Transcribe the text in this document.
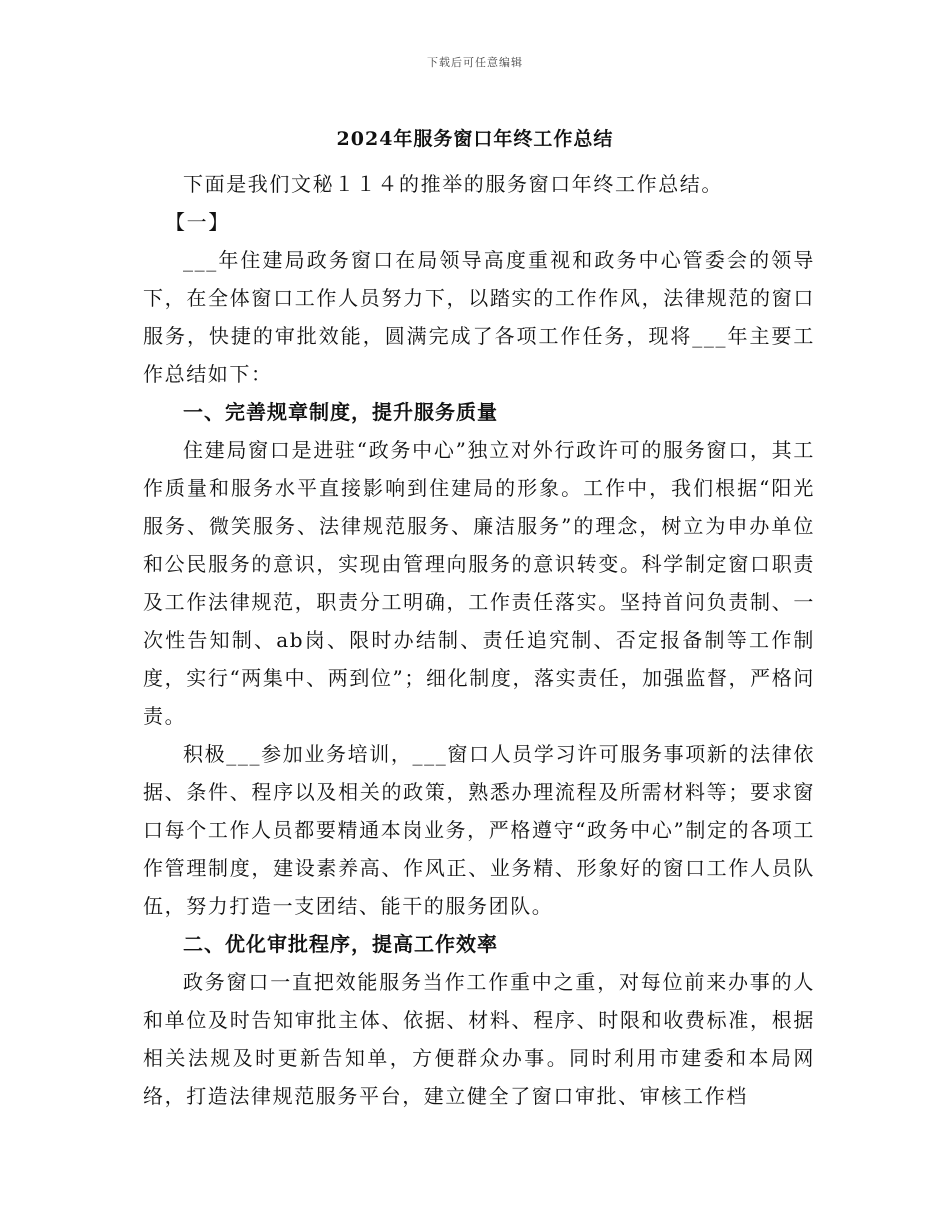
下载后可任意编辑
2024年服务窗口年终工作总结

下面是我们文秘１１４的推举的服务窗口年终工作总结。

【一】

___年住建局政务窗口在局领导高度重视和政务中心管委会的领导下，在全体窗口工作人员努力下，以踏实的工作作风，法律规范的窗口服务，快捷的审批效能，圆满完成了各项工作任务，现将___年主要工作总结如下：

一、完善规章制度，提升服务质量

住建局窗口是进驻“政务中心”独立对外行政许可的服务窗口，其工作质量和服务水平直接影响到住建局的形象。工作中，我们根据“阳光服务、微笑服务、法律规范服务、廉洁服务”的理念，树立为申办单位和公民服务的意识，实现由管理向服务的意识转变。科学制定窗口职责及工作法律规范，职责分工明确，工作责任落实。坚持首问负责制、一次性告知制、ab岗、限时办结制、责任追究制、否定报备制等工作制度，实行“两集中、两到位”；细化制度，落实责任，加强监督，严格问责。

积极___参加业务培训，___窗口人员学习许可服务事项新的法律依据、条件、程序以及相关的政策，熟悉办理流程及所需材料等；要求窗口每个工作人员都要精通本岗业务，严格遵守“政务中心”制定的各项工作管理制度，建设素养高、作风正、业务精、形象好的窗口工作人员队伍，努力打造一支团结、能干的服务团队。

二、优化审批程序，提高工作效率

政务窗口一直把效能服务当作工作重中之重，对每位前来办事的人和单位及时告知审批主体、依据、材料、程序、时限和收费标准，根据相关法规及时更新告知单，方便群众办事。同时利用市建委和本局网络，打造法律规范服务平台，建立健全了窗口审批、审核工作档
